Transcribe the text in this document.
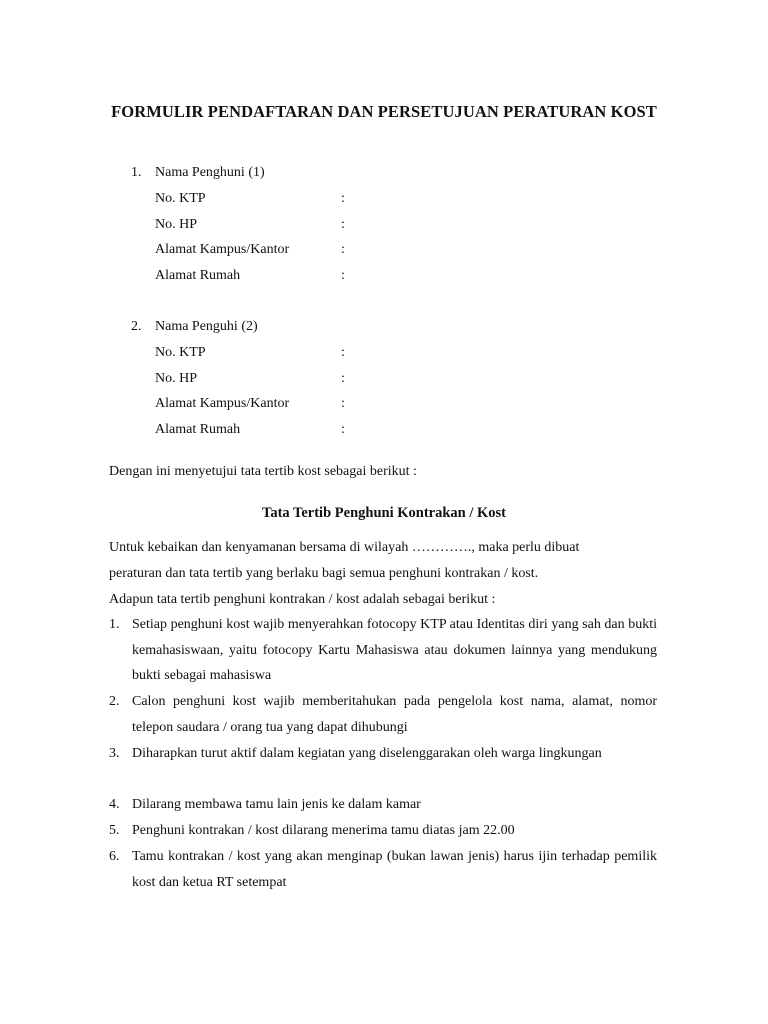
FORMULIR PENDAFTARAN DAN PERSETUJUAN PERATURAN KOST
1. Nama Penghuni (1)
No. KTP	:
No. HP	:
Alamat Kampus/Kantor	:
Alamat Rumah	:
2. Nama Penguhi (2)
No. KTP	:
No. HP	:
Alamat Kampus/Kantor	:
Alamat Rumah	:
Dengan ini menyetujui tata tertib kost sebagai berikut :
Tata Tertib Penghuni Kontrakan / Kost
Untuk kebaikan dan kenyamanan bersama di wilayah …………., maka perlu dibuat
peraturan dan tata tertib yang berlaku bagi semua penghuni kontrakan / kost.
Adapun tata tertib penghuni kontrakan / kost adalah sebagai berikut :
1. Setiap penghuni kost wajib menyerahkan fotocopy KTP atau Identitas diri yang sah dan bukti kemahasiswaan, yaitu fotocopy Kartu Mahasiswa atau dokumen lainnya yang mendukung bukti sebagai mahasiswa
2. Calon penghuni kost wajib memberitahukan pada pengelola kost nama, alamat, nomor telepon saudara / orang tua yang dapat dihubungi
3. Diharapkan turut aktif dalam kegiatan yang diselenggarakan oleh warga lingkungan
4. Dilarang membawa tamu lain jenis ke dalam kamar
5. Penghuni kontrakan / kost dilarang menerima tamu diatas jam 22.00
6. Tamu kontrakan / kost yang akan menginap (bukan lawan jenis) harus ijin terhadap pemilik kost dan ketua RT setempat
